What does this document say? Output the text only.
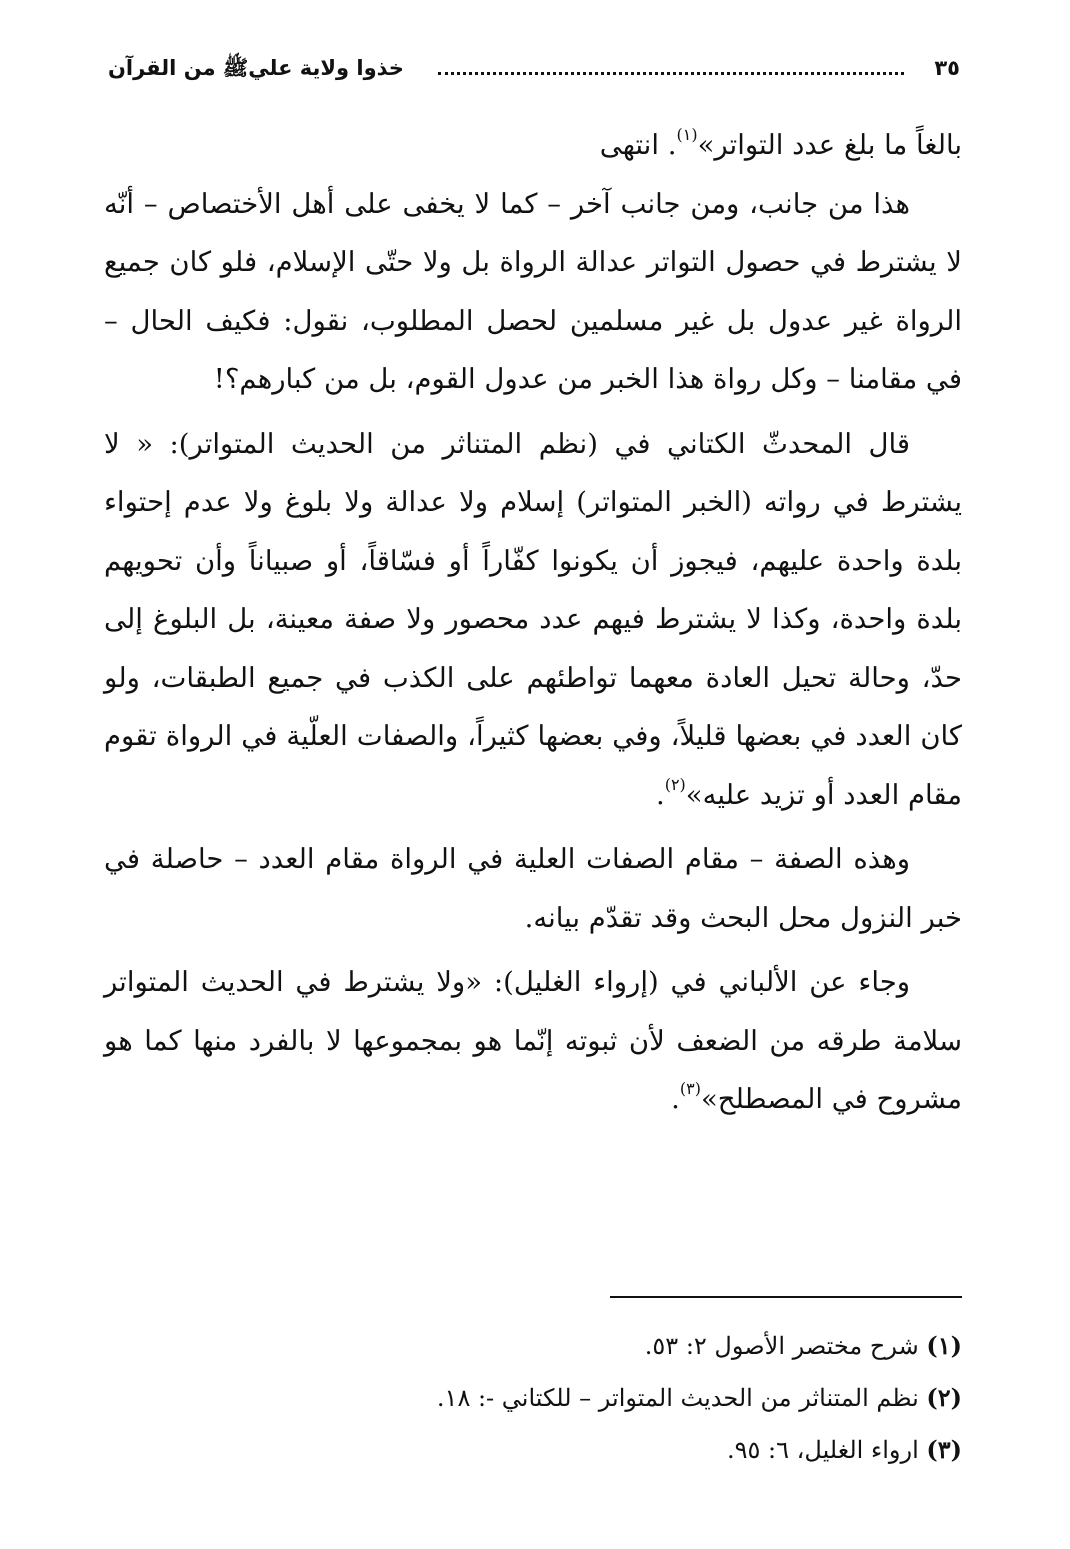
٣٥
خذوا ولاية عليﷺ من القرآن

بالغاً ما بلغ عدد التواتر»$^{(١)}$. انتهى

هذا من جانب، ومن جانب آخر – كما لا يخفى على أهل الأختصاص – أنّه لا يشترط في حصول التواتر عدالة الرواة بل ولا حتّى الإسلام، فلو كان جميع الرواة غير عدول بل غير مسلمين لحصل المطلوب، نقول: فكيف الحال – في مقامنا – وكل رواة هذا الخبر من عدول القوم، بل من كبارهم؟!

قال المحدثّ الكتاني في (نظم المتناثر من الحديث المتواتر): « لا يشترط في رواته (الخبر المتواتر) إسلام ولا عدالة ولا بلوغ ولا عدم إحتواء بلدة واحدة عليهم، فيجوز أن يكونوا كفّاراً أو فسّاقاً، أو صبياناً وأن تحويهم بلدة واحدة، وكذا لا يشترط فيهم عدد محصور ولا صفة معينة، بل البلوغ إلى حدّ، وحالة تحيل العادة معهما تواطئهم على الكذب في جميع الطبقات، ولو كان العدد في بعضها قليلاً، وفي بعضها كثيراً، والصفات العلّية في الرواة تقوم مقام العدد أو تزيد عليه»$^{(٢)}$.

وهذه الصفة – مقام الصفات العلية في الرواة مقام العدد – حاصلة في خبر النزول محل البحث وقد تقدّم بيانه.

وجاء عن الألباني في (إرواء الغليل): «ولا يشترط في الحديث المتواتر سلامة طرقه من الضعف لأن ثبوته إنّما هو بمجموعها لا بالفرد منها كما هو مشروح في المصطلح»$^{(٣)}$.

(١) شرح مختصر الأصول ٢: ٥٣.

(٢) نظم المتناثر من الحديث المتواتر – للكتاني -: ١٨.

(٣) ارواء الغليل، ٦: ٩٥.
